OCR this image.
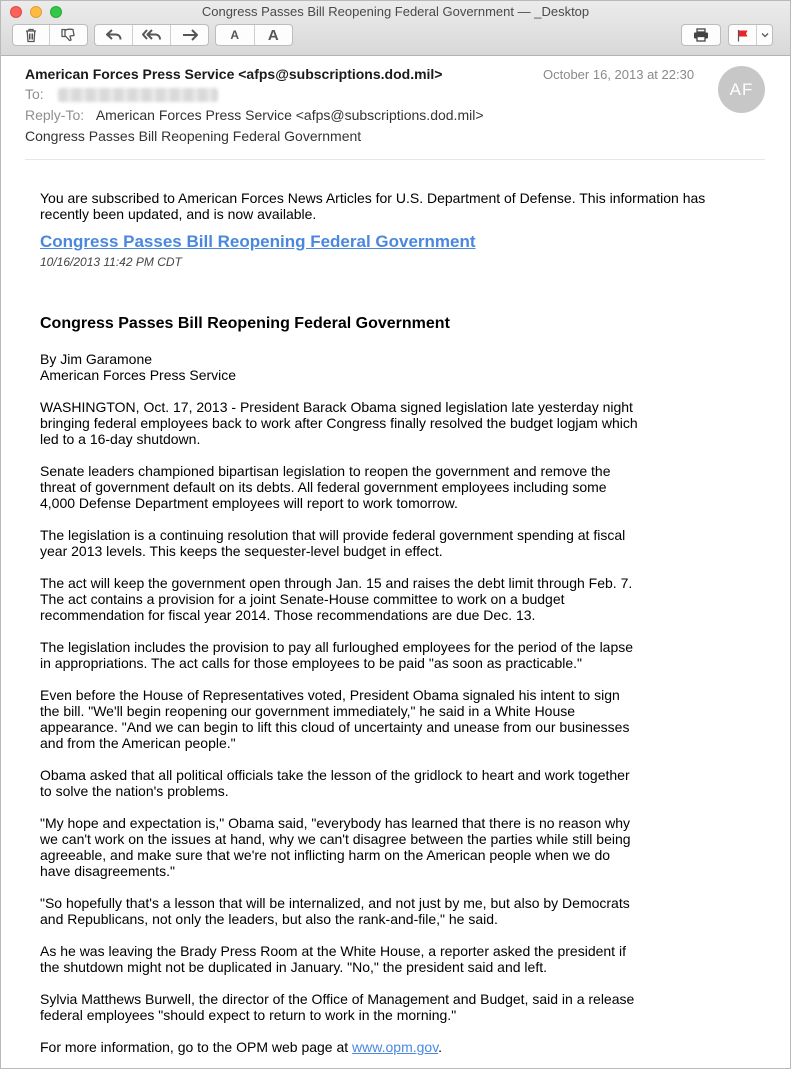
Congress Passes Bill Reopening Federal Government — _Desktop
A	A
American Forces Press Service <afps@subscriptions.dod.mil>	October 16, 2013 at 22:30
AF
To:
Reply-To: American Forces Press Service <afps@subscriptions.dod.mil>
Congress Passes Bill Reopening Federal Government

You are subscribed to American Forces News Articles for U.S. Department of Defense. This information has recently been updated, and is now available.

Congress Passes Bill Reopening Federal Government
10/16/2013 11:42 PM CDT
Congress Passes Bill Reopening Federal Government

By Jim Garamone
American Forces Press Service

WASHINGTON, Oct. 17, 2013 - President Barack Obama signed legislation late yesterday night bringing federal employees back to work after Congress finally resolved the budget logjam which led to a 16-day shutdown.

Senate leaders championed bipartisan legislation to reopen the government and remove the threat of government default on its debts. All federal government employees including some 4,000 Defense Department employees will report to work tomorrow.

The legislation is a continuing resolution that will provide federal government spending at fiscal year 2013 levels. This keeps the sequester-level budget in effect.

The act will keep the government open through Jan. 15 and raises the debt limit through Feb. 7. The act contains a provision for a joint Senate-House committee to work on a budget recommendation for fiscal year 2014. Those recommendations are due Dec. 13.

The legislation includes the provision to pay all furloughed employees for the period of the lapse in appropriations. The act calls for those employees to be paid "as soon as practicable."

Even before the House of Representatives voted, President Obama signaled his intent to sign the bill. "We'll begin reopening our government immediately," he said in a White House appearance. "And we can begin to lift this cloud of uncertainty and unease from our businesses and from the American people."

Obama asked that all political officials take the lesson of the gridlock to heart and work together to solve the nation's problems.

"My hope and expectation is," Obama said, "everybody has learned that there is no reason why we can't work on the issues at hand, why we can't disagree between the parties while still being agreeable, and make sure that we're not inflicting harm on the American people when we do have disagreements."

"So hopefully that's a lesson that will be internalized, and not just by me, but also by Democrats and Republicans, not only the leaders, but also the rank-and-file," he said.

As he was leaving the Brady Press Room at the White House, a reporter asked the president if the shutdown might not be duplicated in January. "No," the president said and left.

Sylvia Matthews Burwell, the director of the Office of Management and Budget, said in a release federal employees "should expect to return to work in the morning."

For more information, go to the OPM web page at www.opm.gov.
